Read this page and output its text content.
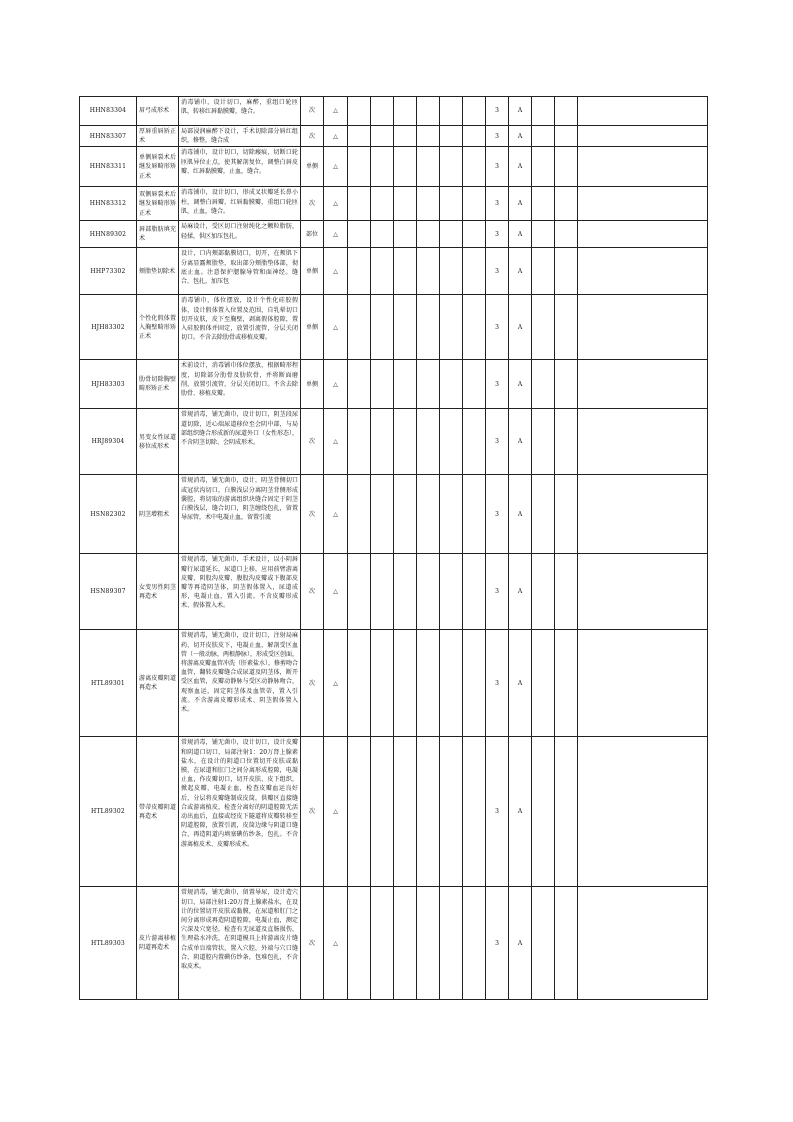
HHN83304	眉弓成形术	消毒铺巾，设计切口，麻醉，重组口轮匝肌，转移红唇黏膜瓣，缝合。	次	△							3	A			
HHN83307	厚唇重唇矫正术	局部浸润麻醉下设计，手术切除部分唇红组织，修整，缝合成	次	△							3	A			
HHN83311	单侧唇裂术后继发唇畸形矫正术	消毒铺巾，设计切口，切除瘢痕，切断口轮匝肌异位止点，使其解剖复位，调整白唇皮瓣、红唇黏膜瓣，止血，缝合。	单侧	△							3	A			
HHN83312	双侧唇裂术后继发唇畸形矫正术	消毒铺巾，设计切口，形成叉状瓣延长鼻小柱，调整白唇瓣，红唇黏膜瓣，重组口轮匝肌，止血，缝合。	次	△							3	A			
HHN89302	唇部脂肪填充术	局麻设计，受区切口注射纯化之颗粒脂肪，轻揉，供区加压包扎。	部位	△							3	A			
HHP73302	颊脂垫切除术	设计，口内颊部黏膜切口，切开，在颊肌下分离显露颊脂垫，取出部分颊脂垫体部，彻底止血。注意保护腮腺导管和面神经。缝合，包扎，加压包	单侧	△							3	A			
HJH83302	个性化假体置入胸壁畸形矫正术	消毒铺巾，体位摆放，设计个性化硅胶假体，设计假体置入位置及范围，自乳晕切口切开皮肤，皮下至胸壁，剥离假体腔隙，置入硅胶假体并固定，放置引流管，分层关闭切口。不含去除肋骨或移植皮瓣。	单侧	△							3	A			
HJH83303	肋骨切除胸壁畸形矫正术	术前设计，消毒铺巾体位摆放，根据畸形程度，切除部分肋骨及肋软骨，并将断面磨削，放置引流管，分层关闭切口。不含去除肋骨、移植皮瓣。	单侧	△							3	A			
HRJ89304	男变女性尿道移位成形术	常规消毒，铺无菌巾，设计切口，阴茎段尿道切除，近心端尿道移位至会阴中部，与局部组织缝合形成新的尿道外口（女性形态），不含阴茎切除、会阴成形术。	次	△							3	A			
HSN82302	阴茎增粗术	常规消毒，铺无菌巾，设计，阴茎背侧切口或冠状沟切口，白膜浅层分离阴茎背侧形成囊腔，将切取的游离组织块缝合固定于阴茎白膜浅层，缝合切口，阴茎缠绕包扎，留置导尿管，术中电凝止血，留置引流	次	△							3	A			
HSN89307	女变男性阴茎再造术	常规消毒，铺无菌巾，手术设计，以小阴唇瓣行尿道延长，尿道口上移，应用前臂游离皮瓣、阴股沟皮瓣、腹股沟皮瓣或下腹部皮瓣等再造阴茎体，阴茎假体置入，尿道成形，电凝止血，置入引流。不含皮瓣形成术、假体置入术。	次	△							3	A			
HTL89301	游离皮瓣阴道再造术	常规消毒，铺无菌巾，设计切口，注射局麻药，切开皮肤皮下，电凝止血，解剖受区血管（一般动脉，两根静脉），形成受区创面，将游离皮瓣血管冲洗（肝素盐水），修剪吻合血管，翻转皮瓣缝合成尿道及阴茎体，断开受区血管，皮瓣动静脉与受区动静脉吻合，观察血运，固定阴茎体及血管蒂，置入引流。不含游离皮瓣形成术、阴茎假体置入术。	次	△							3	A			
HTL89302	带蒂皮瓣阴道再造术	常规消毒，铺无菌巾，设计切口，设计皮瓣和阴道口切口，局部注射1：20万肾上腺素盐水，在设计的阴道口位置切开皮肤或黏膜，在尿道和肛门之间分离形成腔隙，电凝止血，作皮瓣切口，切开皮肤、皮下组织，掀起皮瓣，电凝止血，检查皮瓣血运良好后，分层将皮瓣缝制成皮筒，供瓣区直接缝合或游离植皮，检查分离好的阴道腔隙无活动出血后，直接或经皮下隧道将皮瓣转移至阴道腔隙，放置引流，皮筒边缘与阴道口缝合，再造阴道内填塞碘仿纱条，包扎。不含游离植皮术、皮瓣形成术。	次	△							3	A			
HTL89303	皮片游离移植阴道再造术	常规消毒，铺无菌巾，留置导尿，设计造穴切口，局部注射1:20万肾上腺素盐水，在设计的位置切开皮肤或黏膜，在尿道和肛门之间分离形成再造阴道腔隙，电凝止血，测定穴深及穴宽径，检查有无尿道及直肠损伤，生理盐水冲洗，在阴道模具上将游离皮片缝合成单盲端管状，置入穴腔，外端与穴口缝合，阴道腔内置碘仿纱条，包堆包扎，不含取皮术。	次	△							3	A			
